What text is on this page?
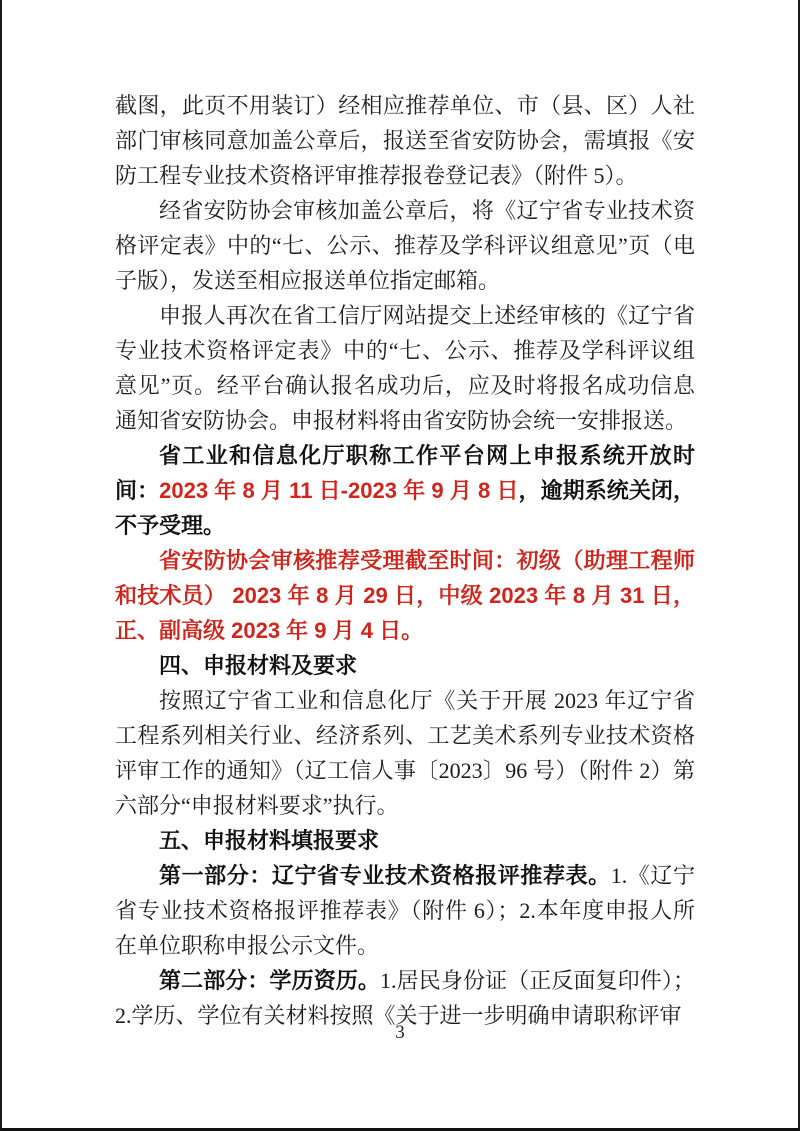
截图，此页不用装订）经相应推荐单位、市（县、区）人社部门审核同意加盖公章后，报送至省安防协会，需填报《安防工程专业技术资格评审推荐报卷登记表》（附件 5）。

经省安防协会审核加盖公章后，将《辽宁省专业技术资格评定表》中的“七、公示、推荐及学科评议组意见”页（电子版），发送至相应报送单位指定邮箱。

申报人再次在省工信厅网站提交上述经审核的《辽宁省专业技术资格评定表》中的“七、公示、推荐及学科评议组意见”页。经平台确认报名成功后，应及时将报名成功信息通知省安防协会。申报材料将由省安防协会统一安排报送。

省工业和信息化厅职称工作平台网上申报系统开放时间：2023 年 8 月 11 日-2023 年 9 月 8 日，逾期系统关闭，不予受理。

省安防协会审核推荐受理截至时间：初级（助理工程师和技术员） 2023 年 8 月 29 日，中级 2023 年 8 月 31 日，正、副高级 2023 年 9 月 4 日。

四、申报材料及要求

按照辽宁省工业和信息化厅《关于开展 2023 年辽宁省工程系列相关行业、经济系列、工艺美术系列专业技术资格评审工作的通知》（辽工信人事〔2023〕96 号）（附件 2）第六部分“申报材料要求”执行。

五、申报材料填报要求

第一部分：辽宁省专业技术资格报评推荐表。1.《辽宁省专业技术资格报评推荐表》（附件 6）；2.本年度申报人所在单位职称申报公示文件。

第二部分：学历资历。1.居民身份证（正反面复印件）；2.学历、学位有关材料按照《关于进一步明确申请职称评审

3
